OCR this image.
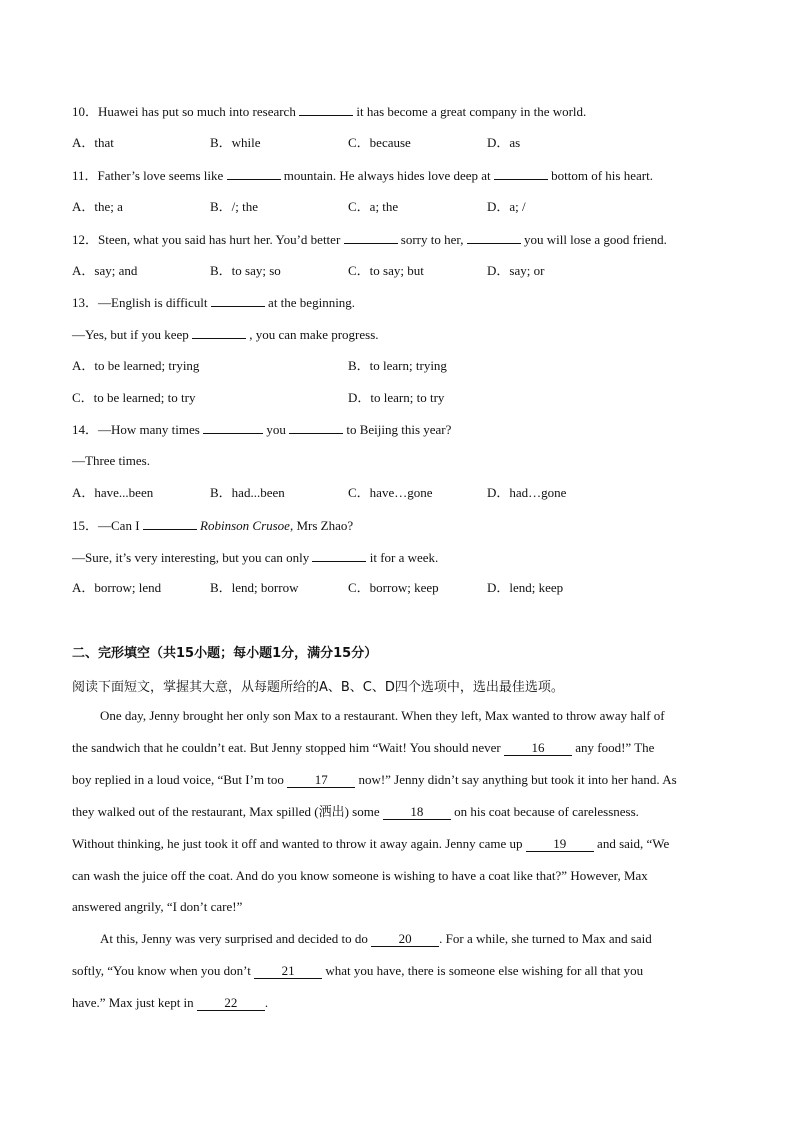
10．Huawei has put so much into research	it has become a great company in the world.
A．that	B．while	C．because	D．as
11．Father’s love seems like	mountain. He always hides love deep at	bottom of his heart.
A．the; a	B．/; the	C．a; the	D．a; /
12．Steen, what you said has hurt her. You’d better	sorry to her,	you will lose a good friend.
A．say; and	B．to say; so	C．to say; but	D．say; or
13．—English is difficult	at the beginning.
—Yes, but if you keep	, you can make progress.
A．to be learned; trying	B．to learn; trying
C．to be learned; to try	D．to learn; to try
14．—How many times	you	to Beijing this year?
—Three times.
A．have...been	B．had...been	C．have…gone	D．had…gone
15．—Can I	Robinson Crusoe, Mrs Zhao?
—Sure, it’s very interesting, but you can only	it for a week.
A．borrow; lend	B．lend; borrow	C．borrow; keep	D．lend; keep
二、完形填空（共15小题；每小题1分，满分15分）
阅读下面短文，掌握其大意，从每题所给的A、B、C、D四个选项中，选出最佳选项。
One day, Jenny brought her only son Max to a restaurant. When they left, Max wanted to throw away half of
the sandwich that he couldn’t eat. But Jenny stopped him “Wait! You should never 16 any food!” The
boy replied in a loud voice, “But I’m too 17 now!” Jenny didn’t say anything but took it into her hand. As
they walked out of the restaurant, Max spilled (洒出) some 18 on his coat because of carelessness.
Without thinking, he just took it off and wanted to throw it away again. Jenny came up 19 and said, “We
can wash the juice off the coat. And do you know someone is wishing to have a coat like that?” However, Max
answered angrily, “I don’t care!”
At this, Jenny was very surprised and decided to do 20 . For a while, she turned to Max and said
softly, “You know when you don’t 21 what you have, there is someone else wishing for all that you
have.” Max just kept in 22 .
